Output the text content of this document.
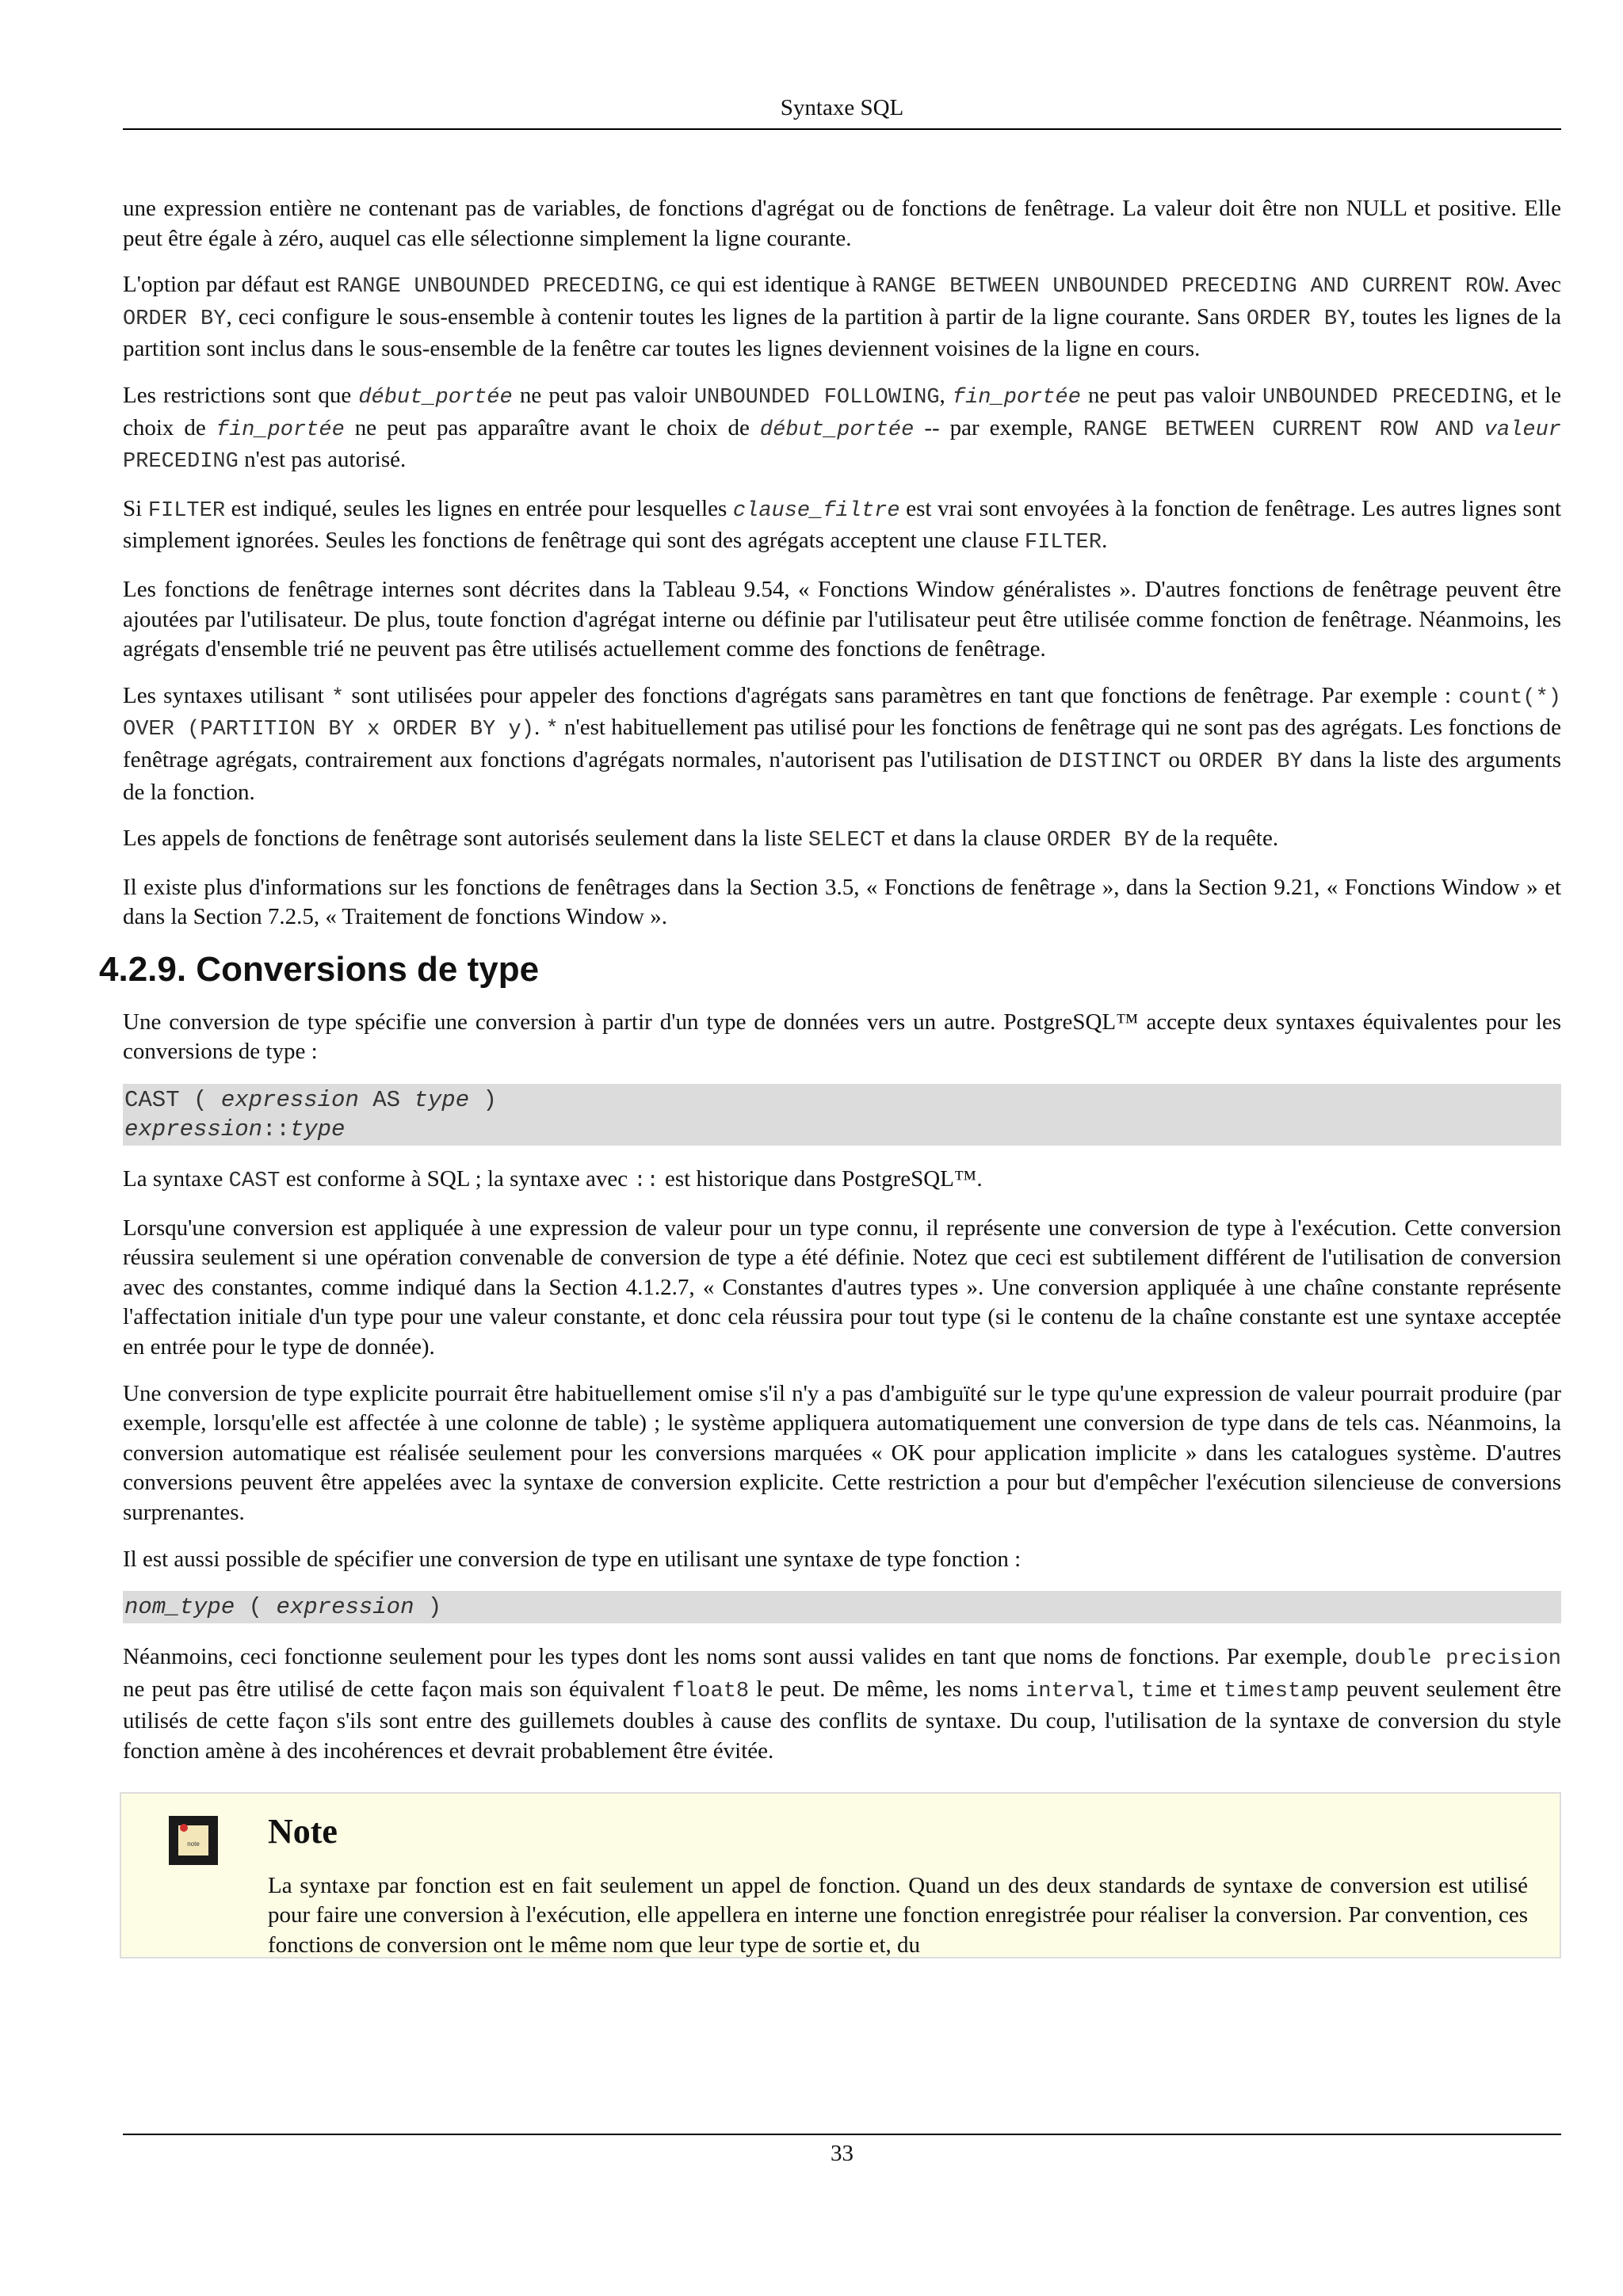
Syntaxe SQL

une expression entière ne contenant pas de variables, de fonctions d'agrégat ou de fonctions de fenêtrage. La valeur doit être non NULL et positive. Elle peut être égale à zéro, auquel cas elle sélectionne simplement la ligne courante.

L'option par défaut est RANGE UNBOUNDED PRECEDING, ce qui est identique à RANGE BETWEEN UNBOUNDED PRECEDING AND CURRENT ROW. Avec ORDER BY, ceci configure le sous-ensemble à contenir toutes les lignes de la partition à partir de la ligne courante. Sans ORDER BY, toutes les lignes de la partition sont inclus dans le sous-ensemble de la fenêtre car toutes les lignes deviennent voisines de la ligne en cours.

Les restrictions sont que début_portée ne peut pas valoir UNBOUNDED FOLLOWING, fin_portée ne peut pas valoir UNBOUNDED PRECEDING, et le choix de fin_portée ne peut pas apparaître avant le choix de début_portée -- par exemple, RANGE BETWEEN CURRENT ROW AND valeur PRECEDING n'est pas autorisé.

Si FILTER est indiqué, seules les lignes en entrée pour lesquelles clause_filtre est vrai sont envoyées à la fonction de fenêtrage. Les autres lignes sont simplement ignorées. Seules les fonctions de fenêtrage qui sont des agrégats acceptent une clause FILTER.

Les fonctions de fenêtrage internes sont décrites dans la Tableau 9.54, « Fonctions Window généralistes ». D'autres fonctions de fenêtrage peuvent être ajoutées par l'utilisateur. De plus, toute fonction d'agrégat interne ou définie par l'utilisateur peut être utilisée comme fonction de fenêtrage. Néanmoins, les agrégats d'ensemble trié ne peuvent pas être utilisés actuellement comme des fonctions de fenêtrage.

Les syntaxes utilisant * sont utilisées pour appeler des fonctions d'agrégats sans paramètres en tant que fonctions de fenêtrage. Par exemple : count(*) OVER (PARTITION BY x ORDER BY y). * n'est habituellement pas utilisé pour les fonctions de fenêtrage qui ne sont pas des agrégats. Les fonctions de fenêtrage agrégats, contrairement aux fonctions d'agrégats normales, n'autorisent pas l'utilisation de DISTINCT ou ORDER BY dans la liste des arguments de la fonction.

Les appels de fonctions de fenêtrage sont autorisés seulement dans la liste SELECT et dans la clause ORDER BY de la requête.

Il existe plus d'informations sur les fonctions de fenêtrages dans la Section 3.5, « Fonctions de fenêtrage », dans la Section 9.21, « Fonctions Window » et dans la Section 7.2.5, « Traitement de fonctions Window ».

4.2.9. Conversions de type

Une conversion de type spécifie une conversion à partir d'un type de données vers un autre. PostgreSQL™ accepte deux syntaxes équivalentes pour les conversions de type :

CAST ( expression AS type )
expression::type

La syntaxe CAST est conforme à SQL ; la syntaxe avec :: est historique dans PostgreSQL™.

Lorsqu'une conversion est appliquée à une expression de valeur pour un type connu, il représente une conversion de type à l'exécution. Cette conversion réussira seulement si une opération convenable de conversion de type a été définie. Notez que ceci est subtilement différent de l'utilisation de conversion avec des constantes, comme indiqué dans la Section 4.1.2.7, « Constantes d'autres types ». Une conversion appliquée à une chaîne constante représente l'affectation initiale d'un type pour une valeur constante, et donc cela réussira pour tout type (si le contenu de la chaîne constante est une syntaxe acceptée en entrée pour le type de donnée).

Une conversion de type explicite pourrait être habituellement omise s'il n'y a pas d'ambiguïté sur le type qu'une expression de valeur pourrait produire (par exemple, lorsqu'elle est affectée à une colonne de table) ; le système appliquera automatiquement une conversion de type dans de tels cas. Néanmoins, la conversion automatique est réalisée seulement pour les conversions marquées « OK pour application implicite » dans les catalogues système. D'autres conversions peuvent être appelées avec la syntaxe de conversion explicite. Cette restriction a pour but d'empêcher l'exécution silencieuse de conversions surprenantes.

Il est aussi possible de spécifier une conversion de type en utilisant une syntaxe de type fonction :

nom_type ( expression )

Néanmoins, ceci fonctionne seulement pour les types dont les noms sont aussi valides en tant que noms de fonctions. Par exemple, double precision ne peut pas être utilisé de cette façon mais son équivalent float8 le peut. De même, les noms interval, time et timestamp peuvent seulement être utilisés de cette façon s'ils sont entre des guillemets doubles à cause des conflits de syntaxe. Du coup, l'utilisation de la syntaxe de conversion du style fonction amène à des incohérences et devrait probablement être évitée.

note Note

La syntaxe par fonction est en fait seulement un appel de fonction. Quand un des deux standards de syntaxe de conversion est utilisé pour faire une conversion à l'exécution, elle appellera en interne une fonction enregistrée pour réaliser la conversion. Par convention, ces fonctions de conversion ont le même nom que leur type de sortie et, du

33
